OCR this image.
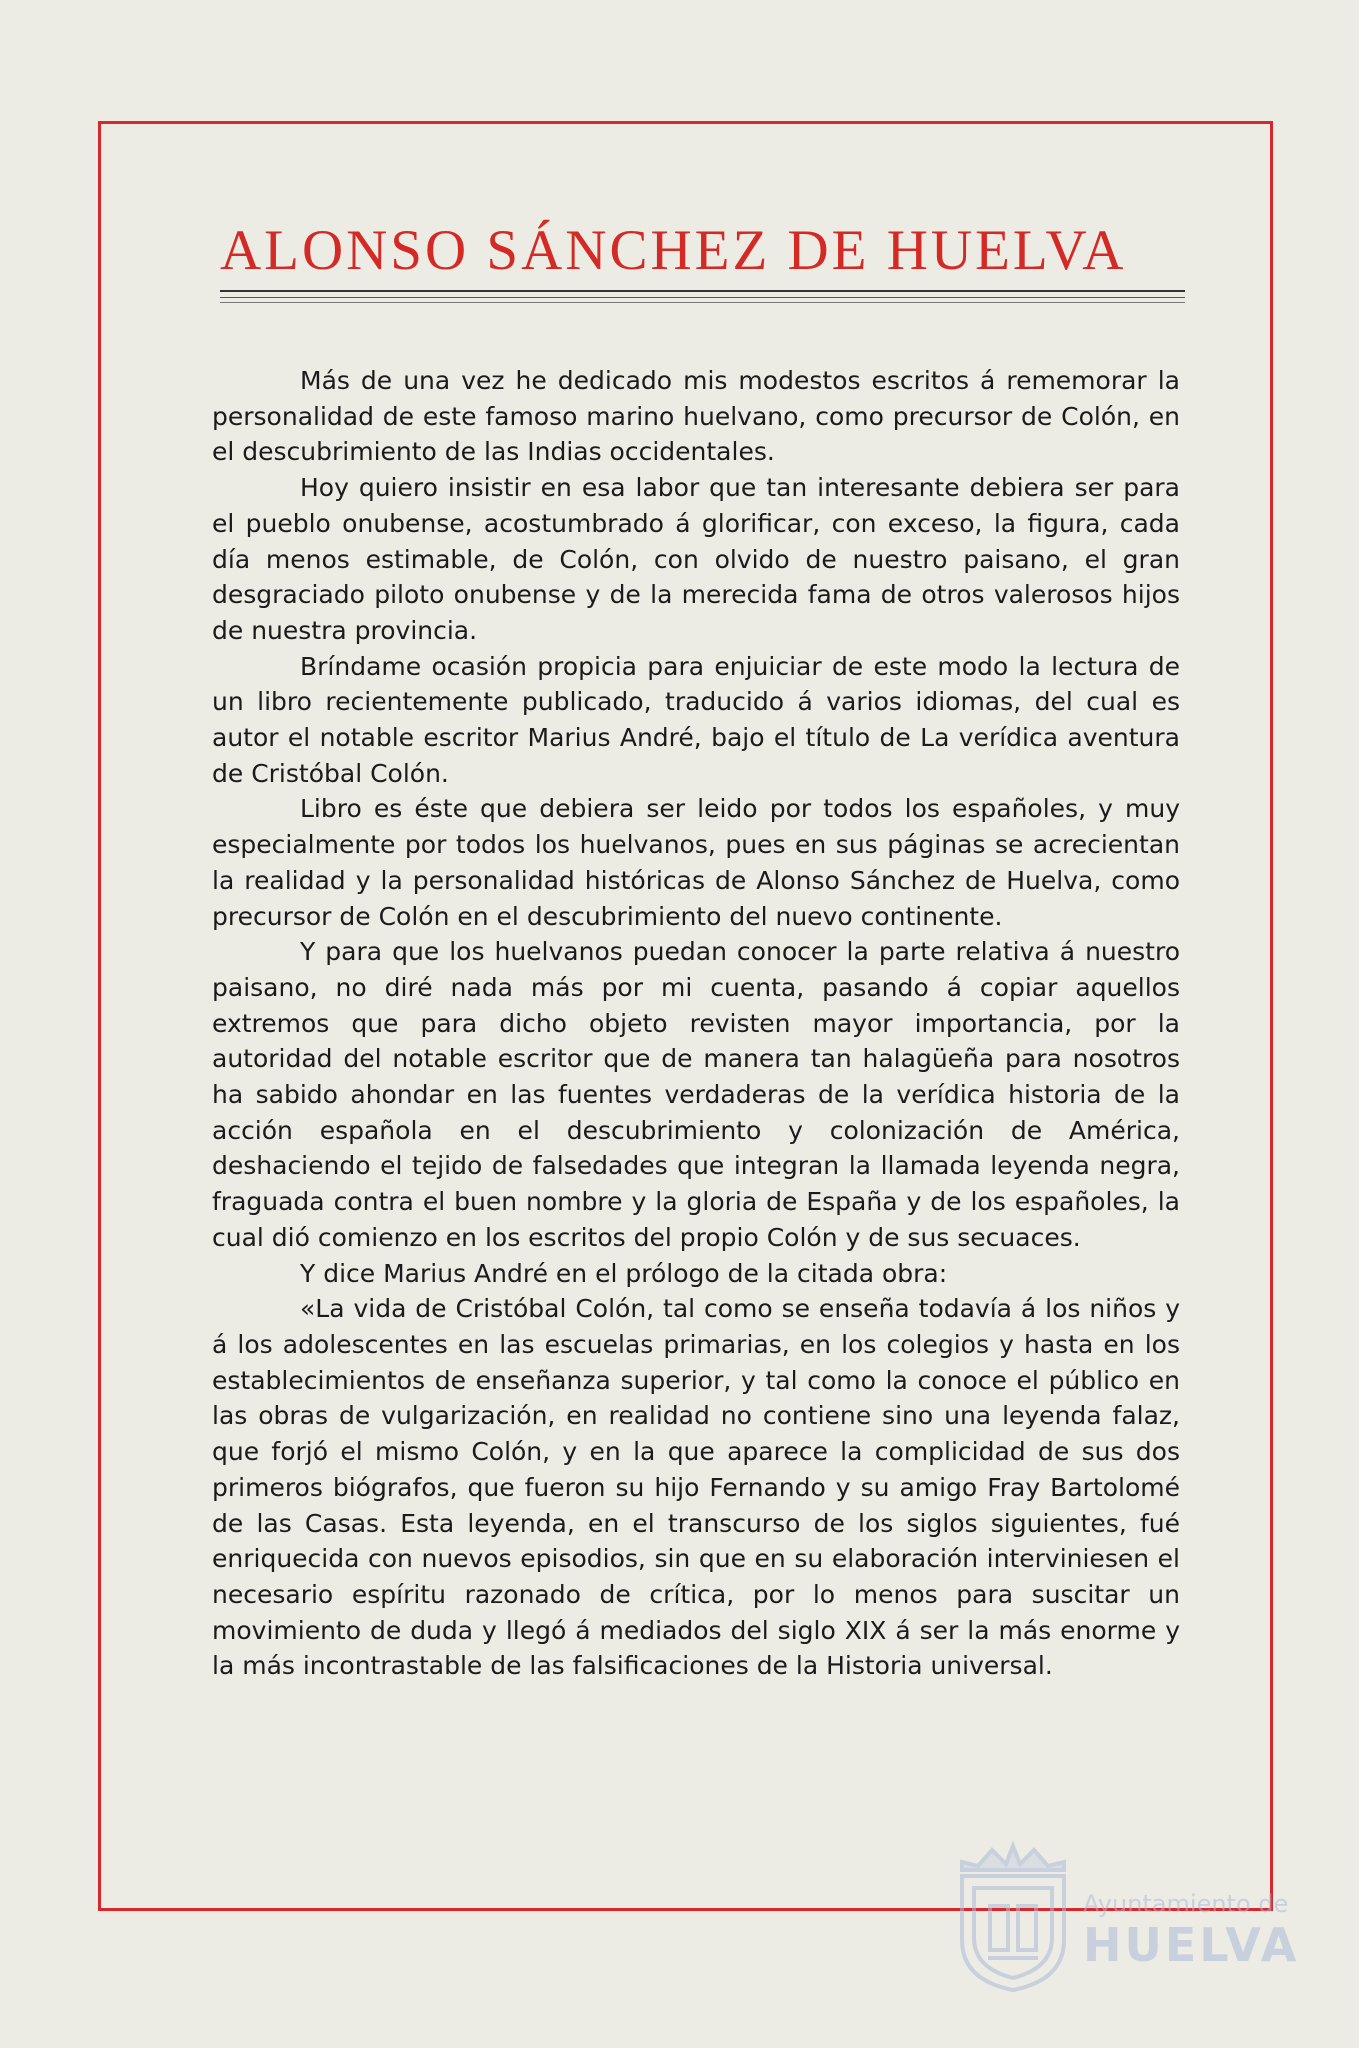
ALONSO SÁNCHEZ DE HUELVA

Más de una vez he dedicado mis modestos escritos á rememorar la personalidad de este famoso marino huelvano, como precursor de Colón, en el descubrimiento de las Indias occidentales.

Hoy quiero insistir en esa labor que tan interesante debiera ser para el pueblo onubense, acostumbrado á glorificar, con exceso, la figura, cada día menos estimable, de Colón, con olvido de nuestro paisano, el gran desgraciado piloto onubense y de la merecida fama de otros valerosos hijos de nuestra provincia.

Bríndame ocasión propicia para enjuiciar de este modo la lectura de un libro recientemente publicado, traducido á varios idiomas, del cual es autor el notable escritor Marius André, bajo el título de La verídica aventura de Cristóbal Colón.

Libro es éste que debiera ser leido por todos los españoles, y muy especialmente por todos los huelvanos, pues en sus páginas se acrecientan la realidad y la personalidad históricas de Alonso Sánchez de Huelva, como precursor de Colón en el descubrimiento del nuevo continente.

Y para que los huelvanos puedan conocer la parte relativa á nuestro paisano, no diré nada más por mi cuenta, pasando á copiar aquellos extremos que para dicho objeto revisten mayor importancia, por la autoridad del notable escritor que de manera tan halagüeña para nosotros ha sabido ahondar en las fuentes verdaderas de la verídica historia de la acción española en el descubrimiento y colonización de América, deshaciendo el tejido de falsedades que integran la llamada leyenda negra, fraguada contra el buen nombre y la gloria de España y de los españoles, la cual dió comienzo en los escritos del propio Colón y de sus secuaces.

Y dice Marius André en el prólogo de la citada obra:

«La vida de Cristóbal Colón, tal como se enseña todavía á los niños y á los adolescentes en las escuelas primarias, en los colegios y hasta en los establecimientos de enseñanza superior, y tal como la conoce el público en las obras de vulgarización, en realidad no contiene sino una leyenda falaz, que forjó el mismo Colón, y en la que aparece la complicidad de sus dos primeros biógrafos, que fueron su hijo Fernando y su amigo Fray Bartolomé de las Casas. Esta leyenda, en el transcurso de los siglos siguientes, fué enriquecida con nuevos episodios, sin que en su elaboración interviniesen el necesario espíritu razonado de crítica, por lo menos para suscitar un movimiento de duda y llegó á mediados del siglo XIX á ser la más enorme y la más incontrastable de las falsificaciones de la Historia universal.

Ayuntamiento de
HUELVA
